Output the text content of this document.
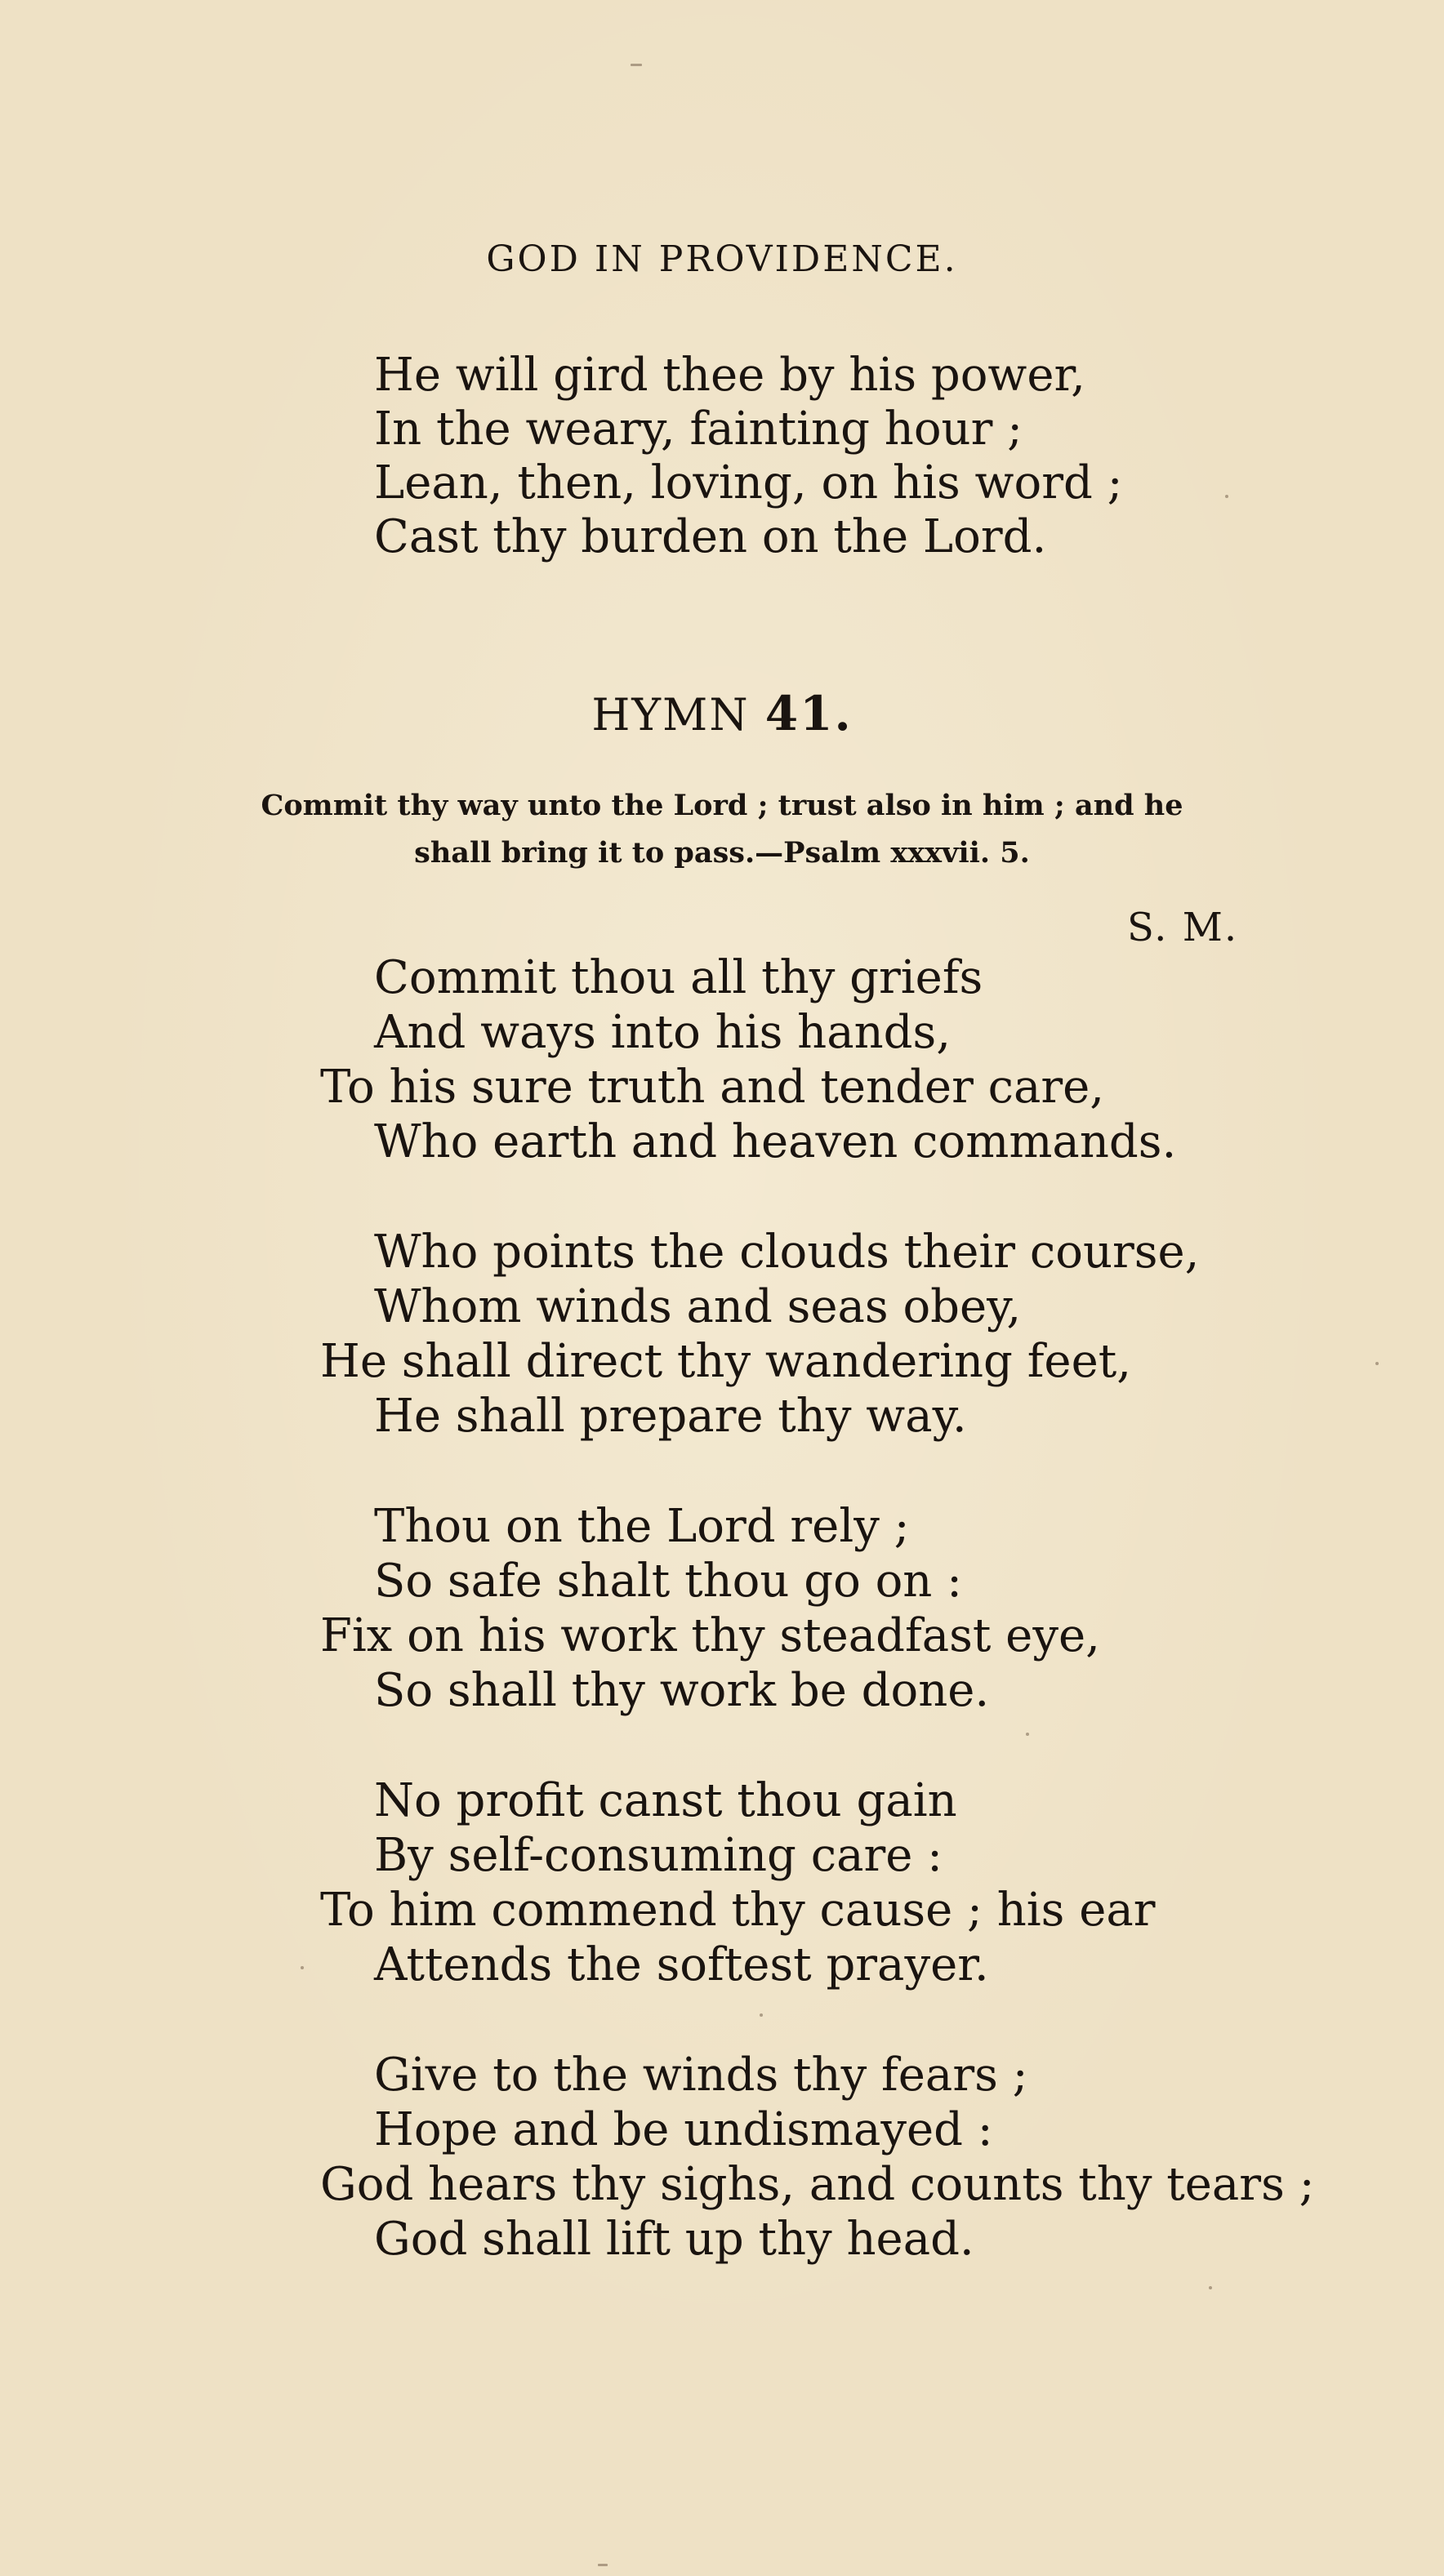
GOD IN PROVIDENCE.
He will gird thee by his power,
In the weary, fainting hour ;
Lean, then, loving, on his word ;
Cast thy burden on the Lord.
HYMN 41.
Commit thy way unto the Lord ; trust also in him ; and he
shall bring it to pass.—Psalm xxxvii. 5.
S. M.
Commit thou all thy griefs
And ways into his hands,
To his sure truth and tender care,
Who earth and heaven commands.
Who points the clouds their course,
Whom winds and seas obey,
He shall direct thy wandering feet,
He shall prepare thy way.
Thou on the Lord rely ;
So safe shalt thou go on :
Fix on his work thy steadfast eye,
So shall thy work be done.
No profit canst thou gain
By self-consuming care :
To him commend thy cause ; his ear
Attends the softest prayer.
Give to the winds thy fears ;
Hope and be undismayed :
God hears thy sighs, and counts thy tears ;
God shall lift up thy head.
